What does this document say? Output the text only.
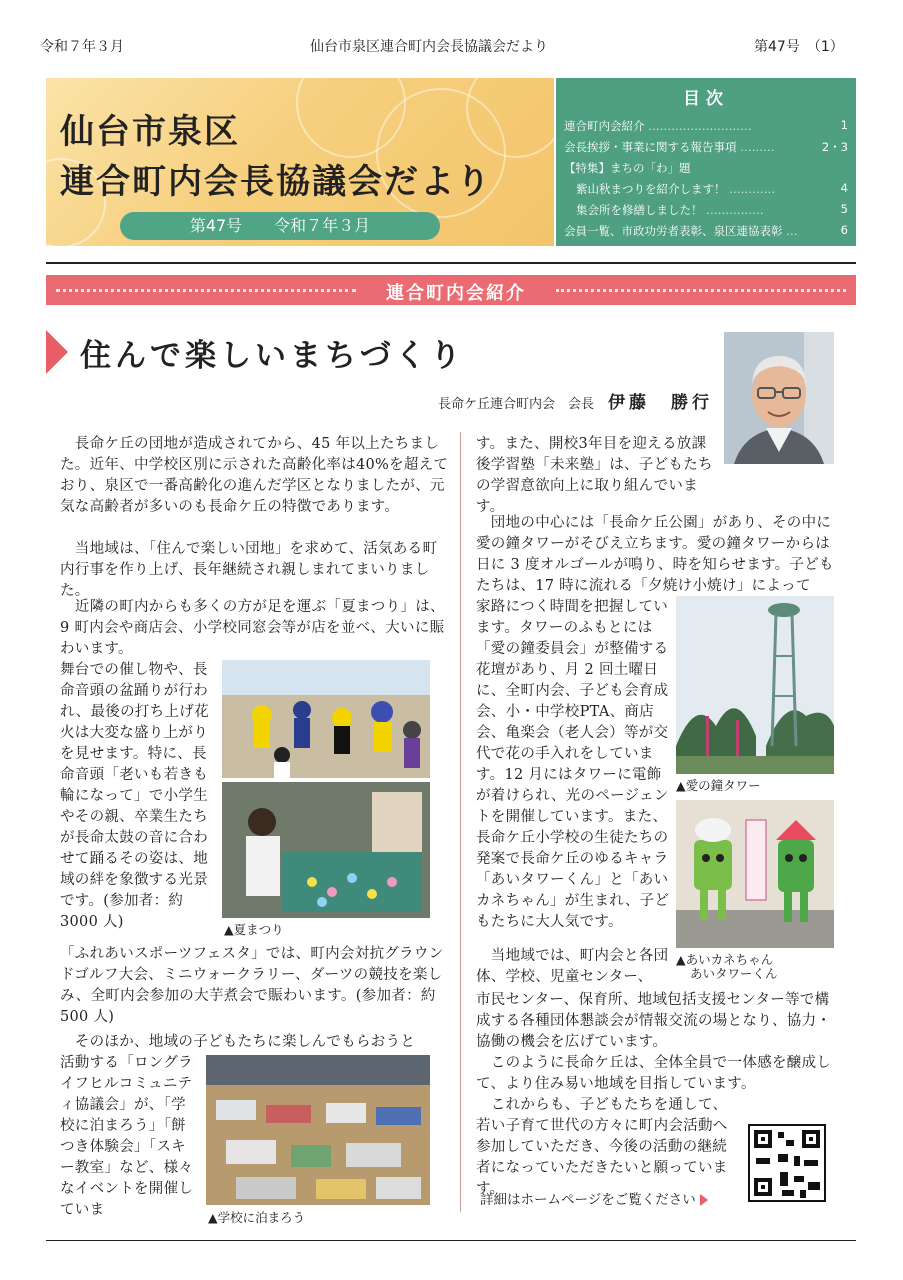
令和７年３月	仙台市泉区連合町内会長協議会だより	第47号　（1）
仙台市泉区
連合町内会長協議会だより
第47号　　令和７年３月
目次
連合町内会紹介 ………………………	1
会長挨拶・事業に関する報告事項 ………	2・3
【特集】まちの「わ」題
紫山秋まつりを紹介します！ …………	4
集会所を修繕しました！ ……………	5
会員一覧、市政功労者表彰、泉区連協表彰 …	6
連合町内会紹介
住んで楽しいまちづくり
長命ケ丘連合町内会　会長 伊藤　勝行
　長命ケ丘の団地が造成されてから、45 年以上たちました。近年、中学校区別に示された高齢化率は40%を超えており、泉区で一番高齢化の進んだ学区となりましたが、元気な高齢者が多いのも長命ケ丘の特徴であります。
　当地域は、「住んで楽しい団地」を求めて、活気ある町内行事を作り上げ、長年継続され親しまれてまいりました。
　近隣の町内からも多くの方が足を運ぶ「夏まつり」は、9 町内会や商店会、小学校同窓会等が店を並べ、大いに賑わいます。
舞台での催し物や、長命音頭の盆踊りが行われ、最後の打ち上げ花火は大変な盛り上がりを見せます。特に、長命音頭「老いも若きも輪になって」で小学生やその親、卒業生たちが長命太鼓の音に合わせて踊るその姿は、地域の絆を象徴する光景です。(参加者：約 3000 人)
「ふれあいスポーツフェスタ」では、町内会対抗グラウンドゴルフ大会、ミニウォークラリー、ダーツの競技を楽しみ、全町内会参加の大芋煮会で賑わいます。(参加者：約 500 人)
　そのほか、地域の子どもたちに楽しんでもらおうと
活動する「ロングライフヒルコミュニティ協議会」が、「学校に泊まろう」「餅つき体験会」「スキー教室」など、様々なイベントを開催していま
▲夏まつり
▲学校に泊まろう
す。また、開校3年目を迎える放課後学習塾「未来塾」は、子どもたちの学習意欲向上に取り組んでいます。
　団地の中心には「長命ケ丘公園」があり、その中に愛の鐘タワーがそびえ立ちます。愛の鐘タワーからは日に 3 度オルゴールが鳴り、時を知らせます。子どもたちは、17 時に流れる「夕焼け小焼け」によって
家路につく時間を把握しています。タワーのふもとには「愛の鐘委員会」が整備する花壇があり、月 2 回土曜日に、全町内会、子ども会育成会、小・中学校PTA、商店会、亀楽会（老人会）等が交代で花の手入れをしています。12 月にはタワーに電飾が着けられ、光のページェントを開催しています。また、長命ケ丘小学校の生徒たちの発案で長命ケ丘のゆるキャラ「あいタワーくん」と「あいカネちゃん」が生まれ、子どもたちに大人気です。
　当地域では、町内会と各団体、学校、児童センター、
市民センター、保育所、地域包括支援センター等で構成する各種団体懇談会が情報交流の場となり、協力・協働の機会を広げています。
　このように長命ケ丘は、全体全員で一体感を醸成して、より住み易い地域を目指しています。
　これからも、子どもたちを通して、若い子育て世代の方々に町内会活動へ参加していただき、今後の活動の継続者になっていただきたいと願っています。
▲愛の鐘タワー
▲あいカネちゃん
あいタワーくん
詳細はホームページをご覧ください
